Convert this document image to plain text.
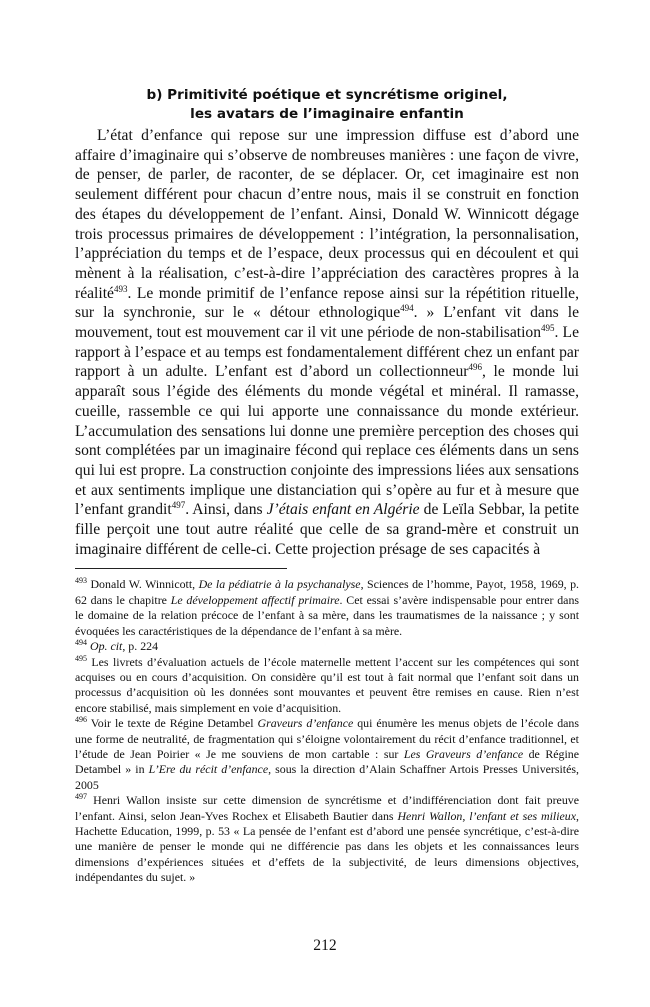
b) Primitivité poétique et syncrétisme originel,
les avatars de l’imaginaire enfantin

L’état d’enfance qui repose sur une impression diffuse est d’abord une affaire d’imaginaire qui s’observe de nombreuses manières : une façon de vivre, de penser, de parler, de raconter, de se déplacer. Or, cet imaginaire est non seulement différent pour chacun d’entre nous, mais il se construit en fonction des étapes du développement de l’enfant. Ainsi, Donald W. Winnicott dégage trois processus primaires de développement : l’intégration, la personnalisation, l’appréciation du temps et de l’espace, deux processus qui en découlent et qui mènent à la réalisation, c’est-à-dire l’appréciation des caractères propres à la réalité$^{493}$. Le monde primitif de l’enfance repose ainsi sur la répétition rituelle, sur la synchronie, sur le « détour ethnologique$^{494}$. » L’enfant vit dans le mouvement, tout est mouvement car il vit une période de non-stabilisation$^{495}$. Le rapport à l’espace et au temps est fondamentalement différent chez un enfant par rapport à un adulte. L’enfant est d’abord un collectionneur$^{496}$, le monde lui apparaît sous l’égide des éléments du monde végétal et minéral. Il ramasse, cueille, rassemble ce qui lui apporte une connaissance du monde extérieur. L’accumulation des sensations lui donne une première perception des choses qui sont complétées par un imaginaire fécond qui replace ces éléments dans un sens qui lui est propre. La construction conjointe des impressions liées aux sensations et aux sentiments implique une distanciation qui s’opère au fur et à mesure que l’enfant grandit$^{497}$. Ainsi, dans J’étais enfant en Algérie de Leïla Sebbar, la petite fille perçoit une tout autre réalité que celle de sa grand-mère et construit un imaginaire différent de celle-ci. Cette projection présage de ses capacités à

$^{493}$ Donald W. Winnicott, De la pédiatrie à la psychanalyse, Sciences de l’homme, Payot, 1958, 1969, p. 62 dans le chapitre Le développement affectif primaire. Cet essai s’avère indispensable pour entrer dans le domaine de la relation précoce de l’enfant à sa mère, dans les traumatismes de la naissance ; y sont évoquées les caractéristiques de la dépendance de l’enfant à sa mère.

$^{494}$ Op. cit, p. 224

$^{495}$ Les livrets d’évaluation actuels de l’école maternelle mettent l’accent sur les compétences qui sont acquises ou en cours d’acquisition. On considère qu’il est tout à fait normal que l’enfant soit dans un processus d’acquisition où les données sont mouvantes et peuvent être remises en cause. Rien n’est encore stabilisé, mais simplement en voie d’acquisition.

$^{496}$ Voir le texte de Régine Detambel Graveurs d’enfance qui énumère les menus objets de l’école dans une forme de neutralité, de fragmentation qui s’éloigne volontairement du récit d’enfance traditionnel, et l’étude de Jean Poirier « Je me souviens de mon cartable : sur Les Graveurs d’enfance de Régine Detambel » in L’Ere du récit d’enfance, sous la direction d’Alain Schaffner Artois Presses Universités, 2005

$^{497}$ Henri Wallon insiste sur cette dimension de syncrétisme et d’indifférenciation dont fait preuve l’enfant. Ainsi, selon Jean-Yves Rochex et Elisabeth Bautier dans Henri Wallon, l’enfant et ses milieux, Hachette Education, 1999, p. 53 « La pensée de l’enfant est d’abord une pensée syncrétique, c’est-à-dire une manière de penser le monde qui ne différencie pas dans les objets et les connaissances leurs dimensions d’expériences situées et d’effets de la subjectivité, de leurs dimensions objectives, indépendantes du sujet. »

212
